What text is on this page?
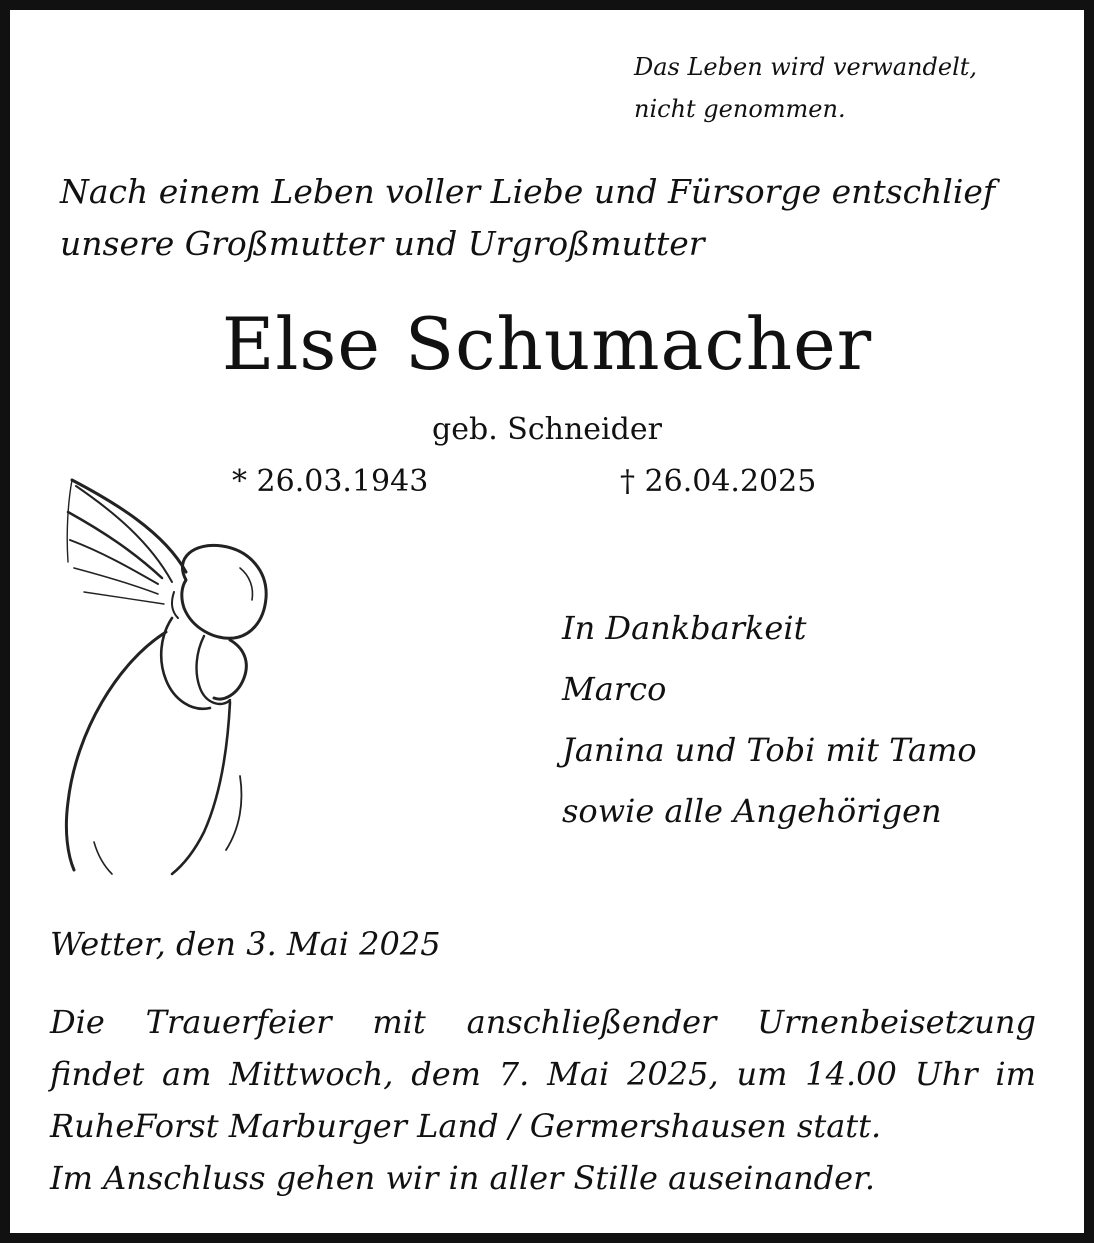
Das Leben wird verwandelt,
nicht genommen.
Nach einem Leben voller Liebe und Fürsorge entschlief
unsere Großmutter und Urgroßmutter
Else Schumacher
geb. Schneider
* 26.03.1943	† 26.04.2025
In Dankbarkeit
Marco
Janina und Tobi mit Tamo
sowie alle Angehörigen
Wetter, den 3. Mai 2025
Die Trauerfeier mit anschließender Urnenbeisetzung
findet am Mittwoch, dem 7. Mai 2025, um 14.00 Uhr im
RuheForst Marburger Land / Germershausen statt.
Im Anschluss gehen wir in aller Stille auseinander.
